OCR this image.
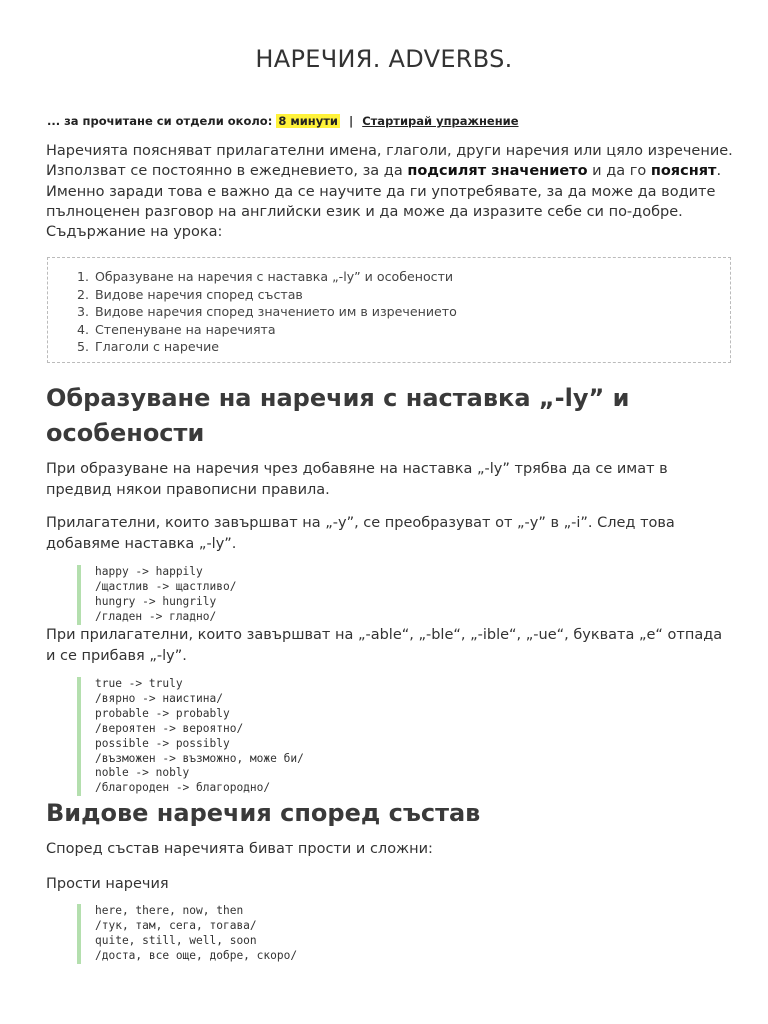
НАРЕЧИЯ. ADVERBS.
... за прочитане си отдели около: 8 минути | Стартирай упражнение
Наречията поясняват прилагателни имена, глаголи, други наречия или цяло изречение. Използват се постоянно в ежедневието, за да подсилят значението и да го пояснят. Именно заради това е важно да се научите да ги употребявате, за да може да водите пълноценен разговор на английски език и да може да изразите себе си по-добре. Съдържание на урока:
1. Образуване на наречия с наставка „-ly” и особености
2. Видове наречия според състав
3. Видове наречия според значението им в изречението
4. Степенуване на наречията
5. Глаголи с наречие
Образуване на наречия с наставка „-ly” и особености
При образуване на наречия чрез добавяне на наставка „-ly” трябва да се имат в предвид някои правописни правила.
Прилагателни, които завършват на „-y”, се преобразуват от „-y” в „-i”. След това добавяме наставка „-ly”.
happy -> happily
/щастлив -> щастливо/
hungry -> hungrily
/гладен -> гладно/
При прилагателни, които завършват на „-able“, „-ble“, „-ible“, „-ue“, буквата „e“ отпада и се прибавя „-ly”.
true -> truly
/вярно -> наистина/
probable -> probably
/вероятен -> вероятно/
possible -> possibly
/възможен -> възможно, може би/
noble -> nobly
/благороден -> благородно/
Видове наречия според състав
Според състав наречията биват прости и сложни:
Прости наречия
here, there, now, then
/тук, там, сега, тогава/
quite, still, well, soon
/доста, все още, добре, скоро/
